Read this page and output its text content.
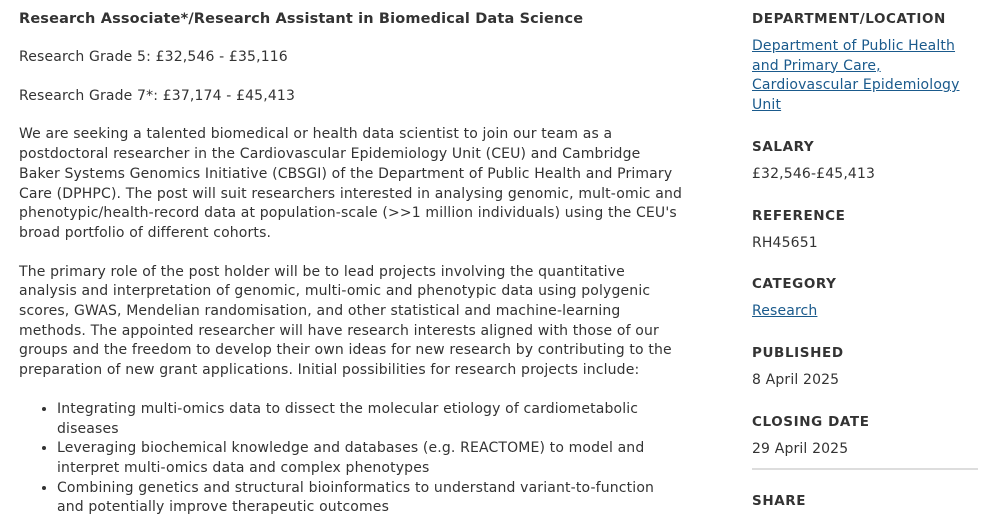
Research Associate*/Research Assistant in Biomedical Data Science

Research Grade 5: £32,546 - £35,116

Research Grade 7*: £37,174 - £45,413

We are seeking a talented biomedical or health data scientist to join our team as a postdoctoral researcher in the Cardiovascular Epidemiology Unit (CEU) and Cambridge Baker Systems Genomics Initiative (CBSGI) of the Department of Public Health and Primary Care (DPHPC). The post will suit researchers interested in analysing genomic, mult-omic and phenotypic/health-record data at population-scale (>>1 million individuals) using the CEU's broad portfolio of different cohorts.

The primary role of the post holder will be to lead projects involving the quantitative analysis and interpretation of genomic, multi-omic and phenotypic data using polygenic scores, GWAS, Mendelian randomisation, and other statistical and machine-learning methods. The appointed researcher will have research interests aligned with those of our groups and the freedom to develop their own ideas for new research by contributing to the preparation of new grant applications. Initial possibilities for research projects include:

• Integrating multi-omics data to dissect the molecular etiology of cardiometabolic diseases
• Leveraging biochemical knowledge and databases (e.g. REACTOME) to model and interpret multi-omics data and complex phenotypes
• Combining genetics and structural bioinformatics to understand variant-to-function and potentially improve therapeutic outcomes

DEPARTMENT/LOCATION

Department of Public Health and Primary Care, Cardiovascular Epidemiology Unit

SALARY

£32,546-£45,413

REFERENCE

RH45651

CATEGORY

Research

PUBLISHED

8 April 2025

CLOSING DATE

29 April 2025

SHARE
